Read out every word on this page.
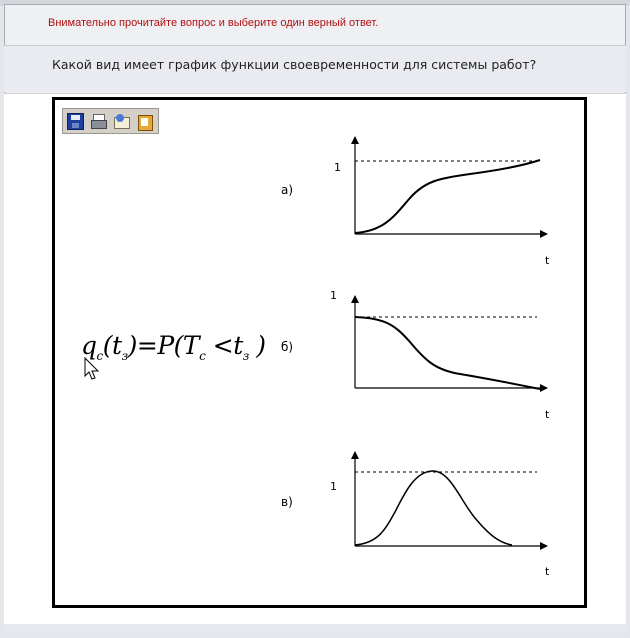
Внимательно прочитайте вопрос и выберите один верный ответ.

Какой вид имеет график функции своевременности для системы работ?

$q_c(t_з)=P(T_c <t_з$ )

а)

1

t

б)

1

t

в)

1

t
